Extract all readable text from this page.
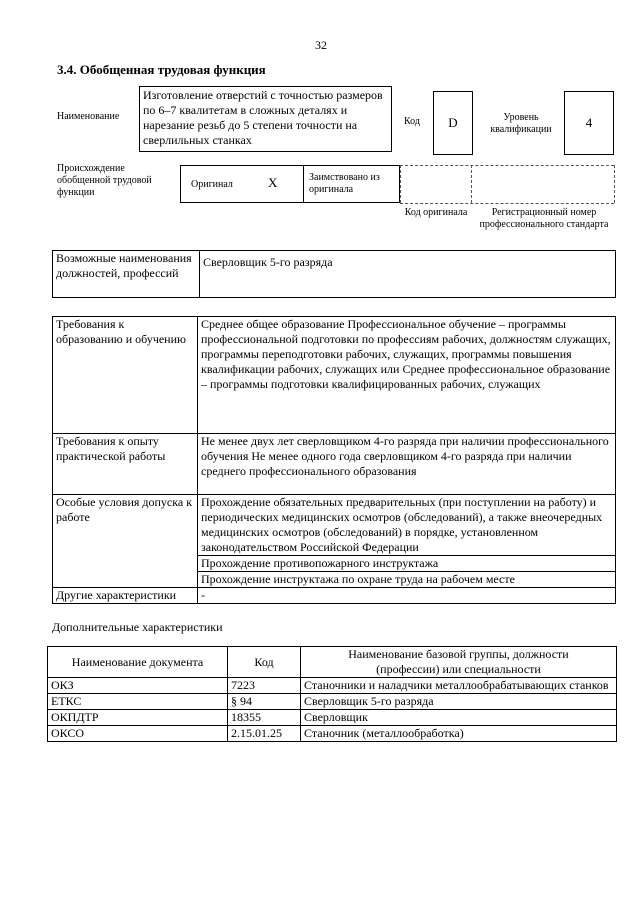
32
3.4. Обобщенная трудовая функция
Наименование
Изготовление отверстий с точностью размеров по 6–7 квалитетам в сложных деталях и нарезание резьб до 5 степени точности на сверлильных станках
Код	D	Уровень квалификации	4
Происхождение обобщенной трудовой функции
Оригинал	X	Заимствовано из оригинала
Код оригинала	Регистрационный номер профессионального стандарта
Возможные наименования должностей, профессий	Сверловщик 5-го разряда
Требования к образованию и обучению	Среднее общее образование Профессиональное обучение – программы профессиональной подготовки по профессиям рабочих, должностям служащих, программы переподготовки рабочих, служащих, программы повышения квалификации рабочих, служащих или Среднее профессиональное образование – программы подготовки квалифицированных рабочих, служащих
Требования к опыту практической работы	Не менее двух лет сверловщиком 4-го разряда при наличии профессионального обучения Не менее одного года сверловщиком 4-го разряда при наличии среднего профессионального образования
Особые условия допуска к работе	Прохождение обязательных предварительных (при поступлении на работу) и периодических медицинских осмотров (обследований), а также внеочередных медицинских осмотров (обследований) в порядке, установленном законодательством Российской Федерации
	Прохождение противопожарного инструктажа
	Прохождение инструктажа по охране труда на рабочем месте
Другие характеристики	-
Дополнительные характеристики
Наименование документа	Код	Наименование базовой группы, должности (профессии) или специальности
ОКЗ	7223	Станочники и наладчики металлообрабатывающих станков
ЕТКС	§ 94	Сверловщик 5-го разряда
ОКПДТР	18355	Сверловщик
ОКСО	2.15.01.25	Станочник (металлообработка)
